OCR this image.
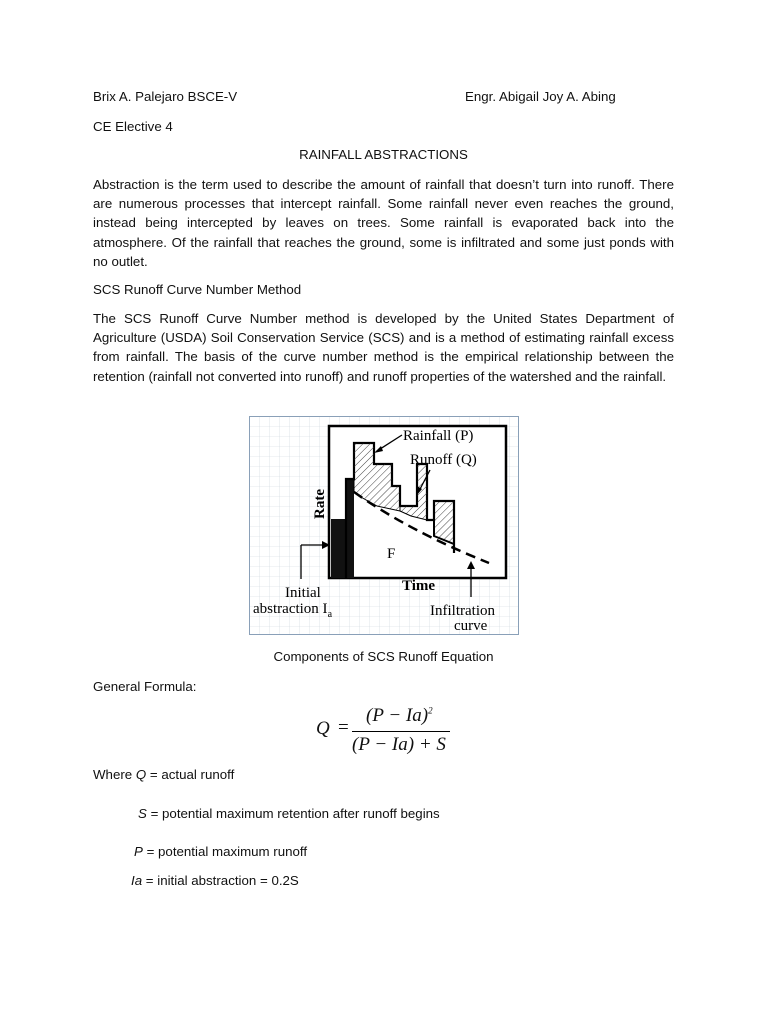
Brix A. Palejaro BSCE-V	Engr. Abigail Joy A. Abing
CE Elective 4
RAINFALL ABSTRACTIONS
Abstraction is the term used to describe the amount of rainfall that doesn’t turn into runoff. There are numerous processes that intercept rainfall. Some rainfall never even reaches the ground, instead being intercepted by leaves on trees. Some rainfall is evaporated back into the atmosphere. Of the rainfall that reaches the ground, some is infiltrated and some just ponds with no outlet.
SCS Runoff Curve Number Method
The SCS Runoff Curve Number method is developed by the United States Department of Agriculture (USDA) Soil Conservation Service (SCS) and is a method of estimating rainfall excess from rainfall. The basis of the curve number method is the empirical relationship between the retention (rainfall not converted into runoff) and runoff properties of the watershed and the rainfall.
Rainfall (P)
Runoff (Q)
Rate
F
Time
Initial
abstraction $I_a$	Infiltration
curve
Components of SCS Runoff Equation
General Formula:
Q =
$(P - Ia)^2$
(P − Ia) + S
Where Q = actual runoff
S = potential maximum retention after runoff begins
P = potential maximum runoff
Ia = initial abstraction = 0.2S
